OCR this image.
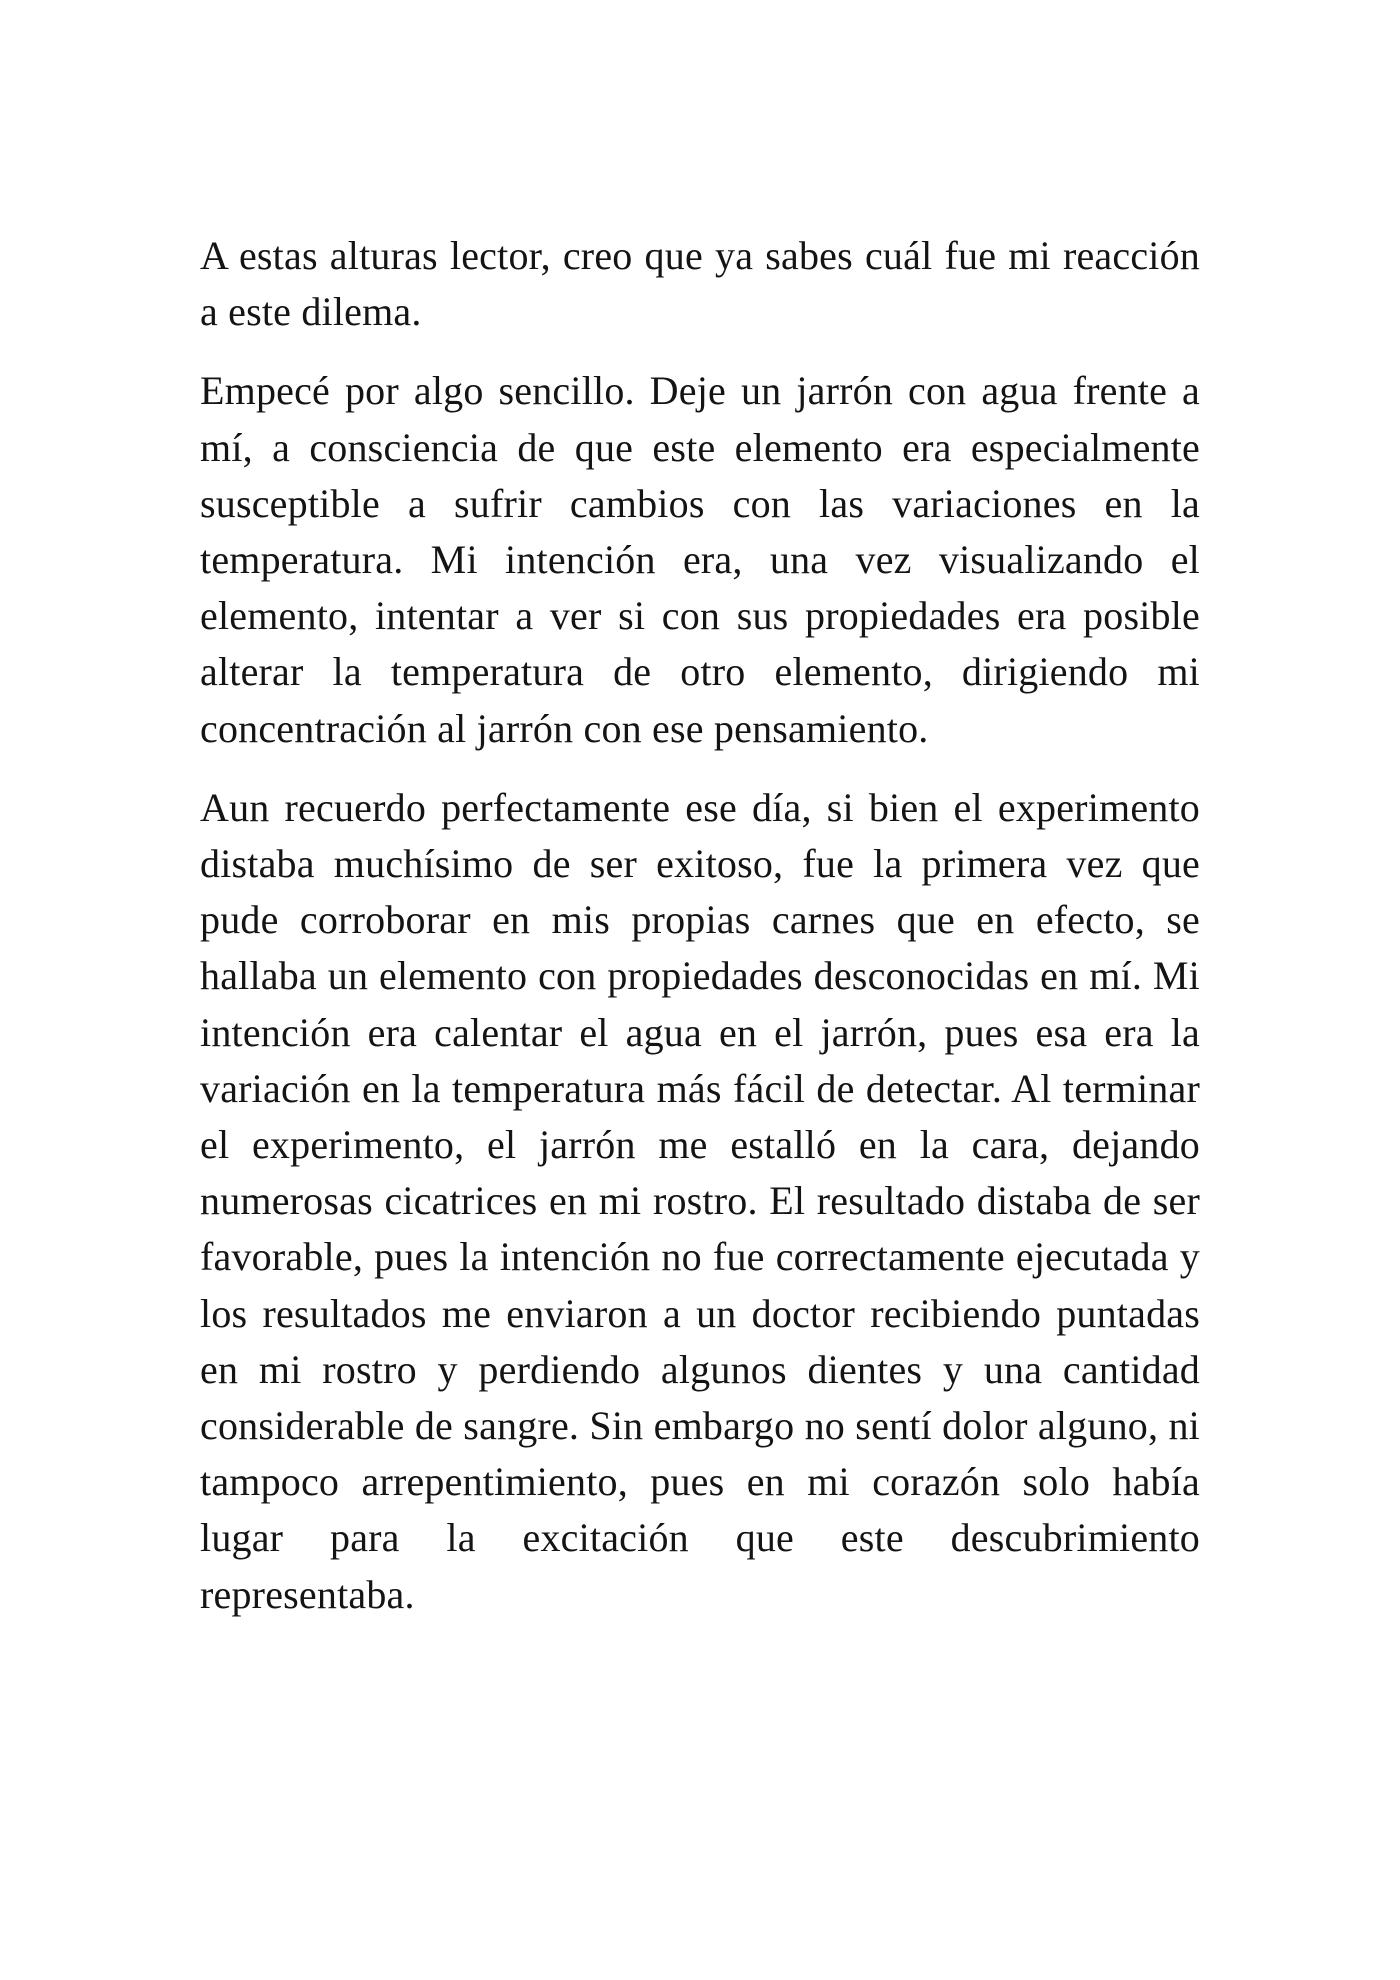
A estas alturas lector, creo que ya sabes cuál fue mi reacción a este dilema.

Empecé por algo sencillo. Deje un jarrón con agua frente a mí, a consciencia de que este elemento era especialmente susceptible a sufrir cambios con las variaciones en la temperatura. Mi intención era, una vez visualizando el elemento, intentar a ver si con sus propiedades era posible alterar la temperatura de otro elemento, dirigiendo mi concentración al jarrón con ese pensamiento.

Aun recuerdo perfectamente ese día, si bien el experimento distaba muchísimo de ser exitoso, fue la primera vez que pude corroborar en mis propias carnes que en efecto, se hallaba un elemento con propiedades desconocidas en mí. Mi intención era calentar el agua en el jarrón, pues esa era la variación en la temperatura más fácil de detectar. Al terminar el experimento, el jarrón me estalló en la cara, dejando numerosas cicatrices en mi rostro. El resultado distaba de ser favorable, pues la intención no fue correctamente ejecutada y los resultados me enviaron a un doctor recibiendo puntadas en mi rostro y perdiendo algunos dientes y una cantidad considerable de sangre. Sin embargo no sentí dolor alguno, ni tampoco arrepentimiento, pues en mi corazón solo había lugar para la excitación que este descubrimiento representaba.
